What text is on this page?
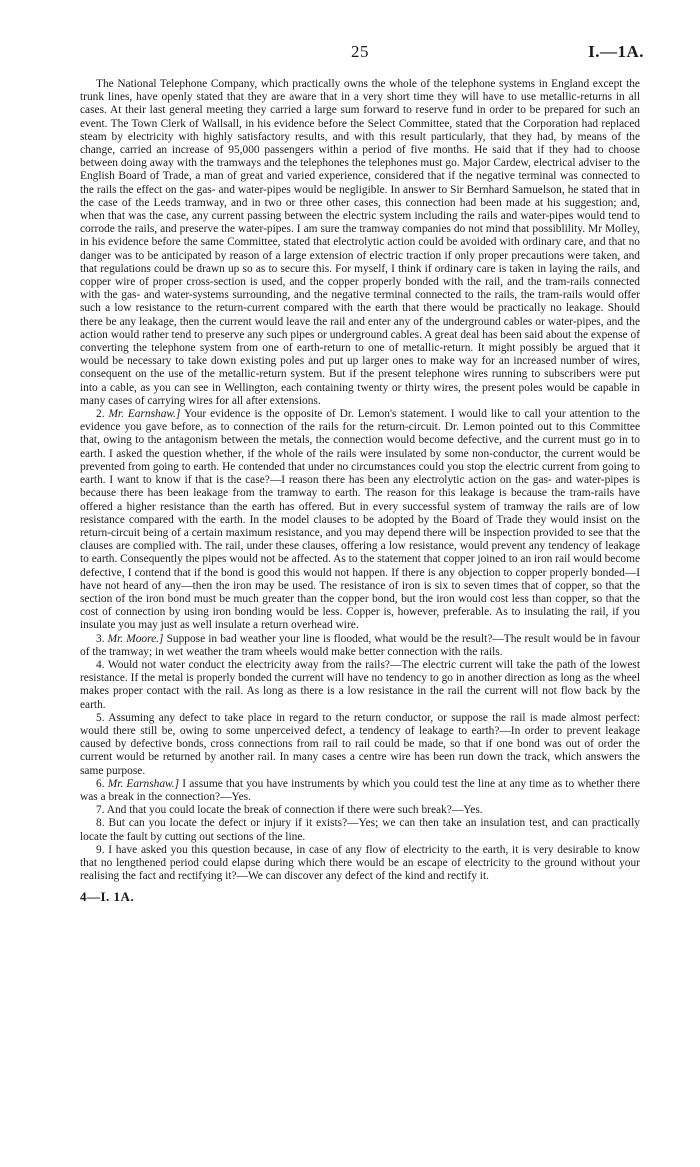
25	I.—1A.

The National Telephone Company, which practically owns the whole of the telephone systems in England except the trunk lines, have openly stated that they are aware that in a very short time they will have to use metallic-returns in all cases. At their last general meeting they carried a large sum forward to reserve fund in order to be prepared for such an event. The Town Clerk of Wallsall, in his evidence before the Select Committee, stated that the Corporation had replaced steam by electricity with highly satisfactory results, and with this result particularly, that they had, by means of the change, carried an increase of 95,000 passengers within a period of five months. He said that if they had to choose between doing away with the tramways and the telephones the telephones must go. Major Cardew, electrical adviser to the English Board of Trade, a man of great and varied experience, considered that if the negative terminal was connected to the rails the effect on the gas- and water-pipes would be negligible. In answer to Sir Bernhard Samuelson, he stated that in the case of the Leeds tramway, and in two or three other cases, this connection had been made at his suggestion; and, when that was the case, any current passing between the electric system including the rails and water-pipes would tend to corrode the rails, and preserve the water-pipes. I am sure the tramway companies do not mind that possiblility. Mr Molley, in his evidence before the same Committee, stated that electrolytic action could be avoided with ordinary care, and that no danger was to be anticipated by reason of a large extension of electric traction if only proper precautions were taken, and that regulations could be drawn up so as to secure this. For myself, I think if ordinary care is taken in laying the rails, and copper wire of proper cross-section is used, and the copper properly bonded with the rail, and the tram-rails connected with the gas- and water-systems surrounding, and the negative terminal connected to the rails, the tram-rails would offer such a low resistance to the return-current compared with the earth that there would be practically no leakage. Should there be any leakage, then the current would leave the rail and enter any of the underground cables or water-pipes, and the action would rather tend to preserve any such pipes or underground cables. A great deal has been said about the expense of converting the telephone system from one of earth-return to one of metallic-return. It might possibly be argued that it would be necessary to take down existing poles and put up larger ones to make way for an increased number of wires, consequent on the use of the metallic-return system. But if the present telephone wires running to subscribers were put into a cable, as you can see in Wellington, each containing twenty or thirty wires, the present poles would be capable in many cases of carrying wires for all after extensions.

2. Mr. Earnshaw.] Your evidence is the opposite of Dr. Lemon's statement. I would like to call your attention to the evidence you gave before, as to connection of the rails for the return-circuit. Dr. Lemon pointed out to this Committee that, owing to the antagonism between the metals, the connection would become defective, and the current must go in to earth. I asked the question whether, if the whole of the rails were insulated by some non-conductor, the current would be prevented from going to earth. He contended that under no circumstances could you stop the electric current from going to earth. I want to know if that is the case?—I reason there has been any electrolytic action on the gas- and water-pipes is because there has been leakage from the tramway to earth. The reason for this leakage is because the tram-rails have offered a higher resistance than the earth has offered. But in every successful system of tramway the rails are of low resistance compared with the earth. In the model clauses to be adopted by the Board of Trade they would insist on the return-circuit being of a certain maximum resistance, and you may depend there will be inspection provided to see that the clauses are complied with. The rail, under these clauses, offering a low resistance, would prevent any tendency of leakage to earth. Consequently the pipes would not be affected. As to the statement that copper joined to an iron rail would become defective, I contend that if the bond is good this would not happen. If there is any objection to copper properly bonded—I have not heard of any—then the iron may be used. The resistance of iron is six to seven times that of copper, so that the section of the iron bond must be much greater than the copper bond, but the iron would cost less than copper, so that the cost of connection by using iron bonding would be less. Copper is, however, preferable. As to insulating the rail, if you insulate you may just as well insulate a return overhead wire.

3. Mr. Moore.] Suppose in bad weather your line is flooded, what would be the result?—The result would be in favour of the tramway; in wet weather the tram wheels would make better connection with the rails.

4. Would not water conduct the electricity away from the rails?—The electric current will take the path of the lowest resistance. If the metal is properly bonded the current will have no tendency to go in another direction as long as the wheel makes proper contact with the rail. As long as there is a low resistance in the rail the current will not flow back by the earth.

5. Assuming any defect to take place in regard to the return conductor, or suppose the rail is made almost perfect: would there still be, owing to some unperceived defect, a tendency of leakage to earth?—In order to prevent leakage caused by defective bonds, cross connections from rail to rail could be made, so that if one bond was out of order the current would be returned by another rail. In many cases a centre wire has been run down the track, which answers the same purpose.

6. Mr. Earnshaw.] I assume that you have instruments by which you could test the line at any time as to whether there was a break in the connection?—Yes.

7. And that you could locate the break of connection if there were such break?—Yes.

8. But can you locate the defect or injury if it exists?—Yes; we can then take an insulation test, and can practically locate the fault by cutting out sections of the line.

9. I have asked you this question because, in case of any flow of electricity to the earth, it is very desirable to know that no lengthened period could elapse during which there would be an escape of electricity to the ground without your realising the fact and rectifying it?—We can discover any defect of the kind and rectify it.

4—I. 1A.
